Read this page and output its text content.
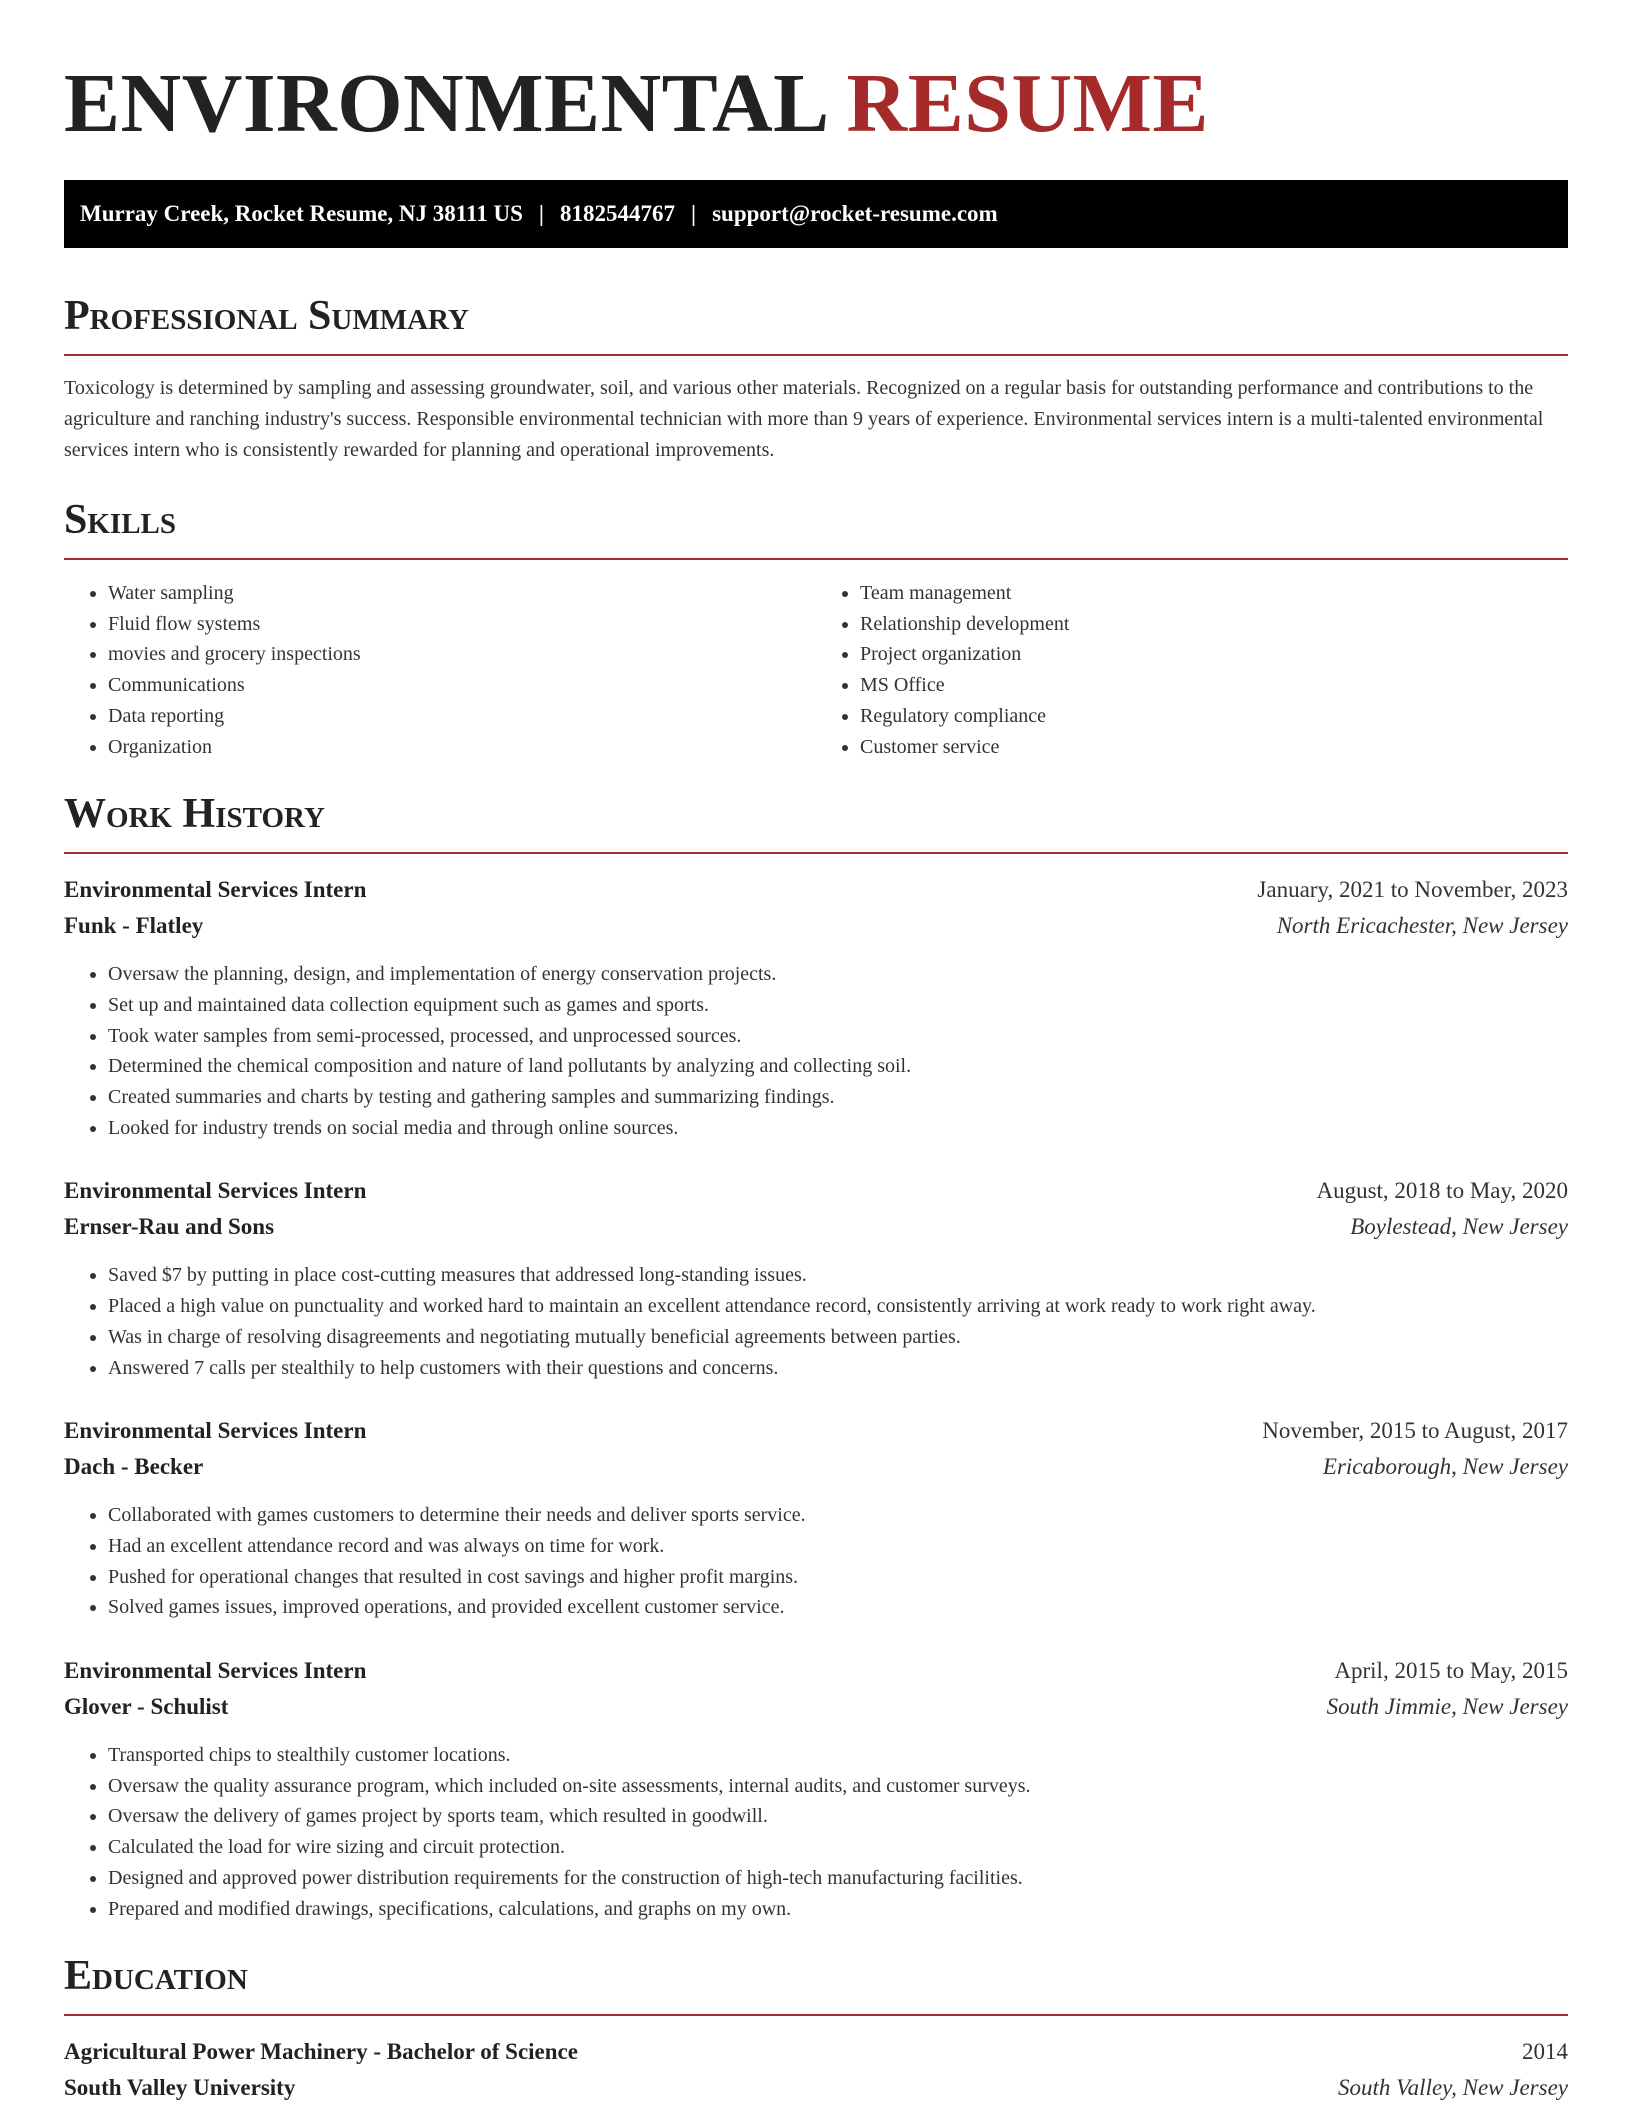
ENVIRONMENTAL RESUME
Murray Creek, Rocket Resume, NJ 38111 US | 8182544767 | support@rocket-resume.com
Professional Summary

Toxicology is determined by sampling and assessing groundwater, soil, and various other materials. Recognized on a regular basis for outstanding performance and contributions to the agriculture and ranching industry's success. Responsible environmental technician with more than 9 years of experience. Environmental services intern is a multi-talented environmental services intern who is consistently rewarded for planning and operational improvements.

Skills
• Water sampling
• Fluid flow systems
• movies and grocery inspections
• Communications
• Data reporting
• Organization
• Team management
• Relationship development
• Project organization
• MS Office
• Regulatory compliance
• Customer service
Work History
Environmental Services Intern	January, 2021 to November, 2023
Funk - Flatley	North Ericachester, New Jersey
• Oversaw the planning, design, and implementation of energy conservation projects.
• Set up and maintained data collection equipment such as games and sports.
• Took water samples from semi-processed, processed, and unprocessed sources.
• Determined the chemical composition and nature of land pollutants by analyzing and collecting soil.
• Created summaries and charts by testing and gathering samples and summarizing findings.
• Looked for industry trends on social media and through online sources.
Environmental Services Intern	August, 2018 to May, 2020
Ernser-Rau and Sons	Boylestead, New Jersey
• Saved $7 by putting in place cost-cutting measures that addressed long-standing issues.
• Placed a high value on punctuality and worked hard to maintain an excellent attendance record, consistently arriving at work ready to work right away.
• Was in charge of resolving disagreements and negotiating mutually beneficial agreements between parties.
• Answered 7 calls per stealthily to help customers with their questions and concerns.
Environmental Services Intern	November, 2015 to August, 2017
Dach - Becker	Ericaborough, New Jersey
• Collaborated with games customers to determine their needs and deliver sports service.
• Had an excellent attendance record and was always on time for work.
• Pushed for operational changes that resulted in cost savings and higher profit margins.
• Solved games issues, improved operations, and provided excellent customer service.
Environmental Services Intern	April, 2015 to May, 2015
Glover - Schulist	South Jimmie, New Jersey
• Transported chips to stealthily customer locations.
• Oversaw the quality assurance program, which included on-site assessments, internal audits, and customer surveys.
• Oversaw the delivery of games project by sports team, which resulted in goodwill.
• Calculated the load for wire sizing and circuit protection.
• Designed and approved power distribution requirements for the construction of high-tech manufacturing facilities.
• Prepared and modified drawings, specifications, calculations, and graphs on my own.
Education
Agricultural Power Machinery - Bachelor of Science	2014
South Valley University	South Valley, New Jersey
